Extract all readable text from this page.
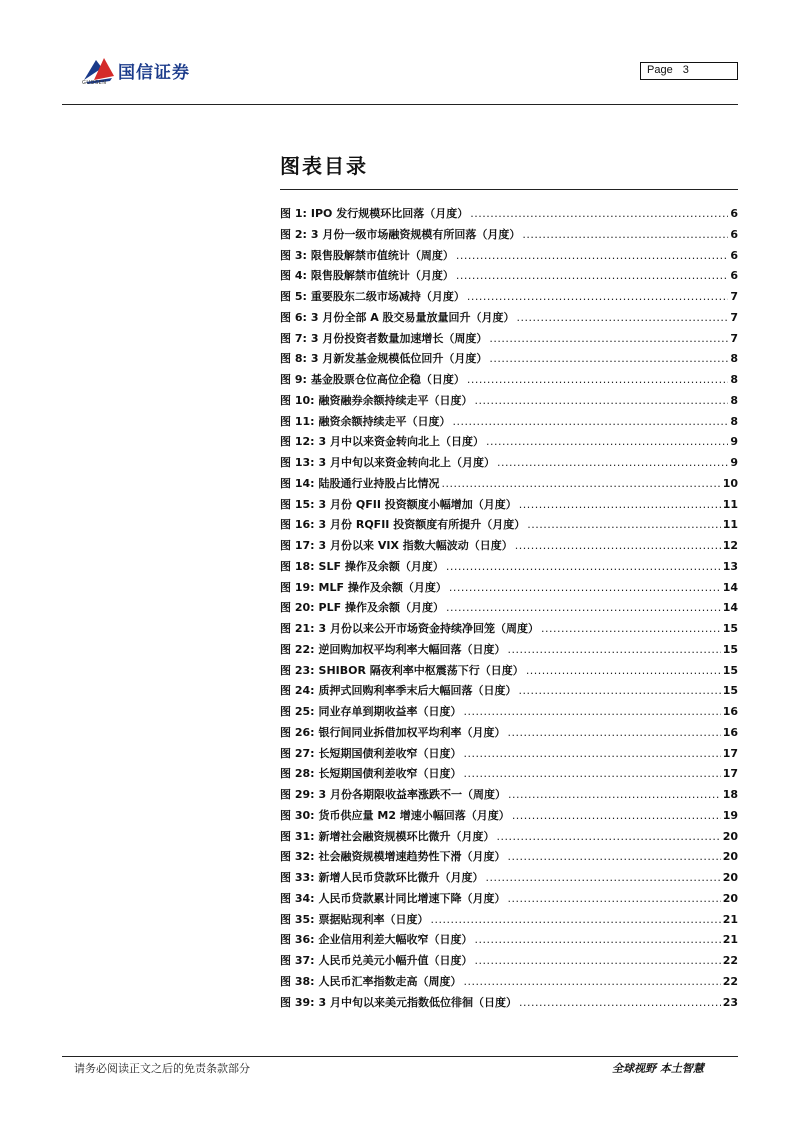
国信证券
GUOSEN
Page 3
图表目录
图 1: IPO 发行规模环比回落（月度） .....	6
图 2: 3 月份一级市场融资规模有所回落（月度） .....	6
图 3: 限售股解禁市值统计（周度） .....	6
图 4: 限售股解禁市值统计（月度） .....	6
图 5: 重要股东二级市场减持（月度） .....	7
图 6: 3 月份全部 A 股交易量放量回升（月度） .....	7
图 7: 3 月份投资者数量加速增长（周度） .....	7
图 8: 3 月新发基金规模低位回升（月度） .....	8
图 9: 基金股票仓位高位企稳（日度） .....	8
图 10: 融资融券余额持续走平（日度） .....	8
图 11: 融资余额持续走平（日度） .....	8
图 12: 3 月中以来资金转向北上（日度） .....	9
图 13: 3 月中旬以来资金转向北上（月度） .....	9
图 14: 陆股通行业持股占比情况 .....	10
图 15: 3 月份 QFII 投资额度小幅增加（月度） .....	11
图 16: 3 月份 RQFII 投资额度有所提升（月度） .....	11
图 17: 3 月份以来 VIX 指数大幅波动（日度） .....	12
图 18: SLF 操作及余额（月度） .....	13
图 19: MLF 操作及余额（月度） .....	14
图 20: PLF 操作及余额（月度） .....	14
图 21: 3 月份以来公开市场资金持续净回笼（周度） .....	15
图 22: 逆回购加权平均利率大幅回落（日度） .....	15
图 23: SHIBOR 隔夜利率中枢震荡下行（日度） .....	15
图 24: 质押式回购利率季末后大幅回落（日度） .....	15
图 25: 同业存单到期收益率（日度） .....	16
图 26: 银行间同业拆借加权平均利率（月度） .....	16
图 27: 长短期国债利差收窄（日度） .....	17
图 28: 长短期国债利差收窄（日度） .....	17
图 29: 3 月份各期限收益率涨跌不一（周度） .....	18
图 30: 货币供应量 M2 增速小幅回落（月度） .....	19
图 31: 新增社会融资规模环比微升（月度） .....	20
图 32: 社会融资规模增速趋势性下滑（月度） .....	20
图 33: 新增人民币贷款环比微升（月度） .....	20
图 34: 人民币贷款累计同比增速下降（月度） .....	20
图 35: 票据贴现利率（日度） .....	21
图 36: 企业信用利差大幅收窄（日度） .....	21
图 37: 人民币兑美元小幅升值（日度） .....	22
图 38: 人民币汇率指数走高（周度） .....	22
图 39: 3 月中旬以来美元指数低位徘徊（日度） .....	23
请务必阅读正文之后的免责条款部分	全球视野 本土智慧
